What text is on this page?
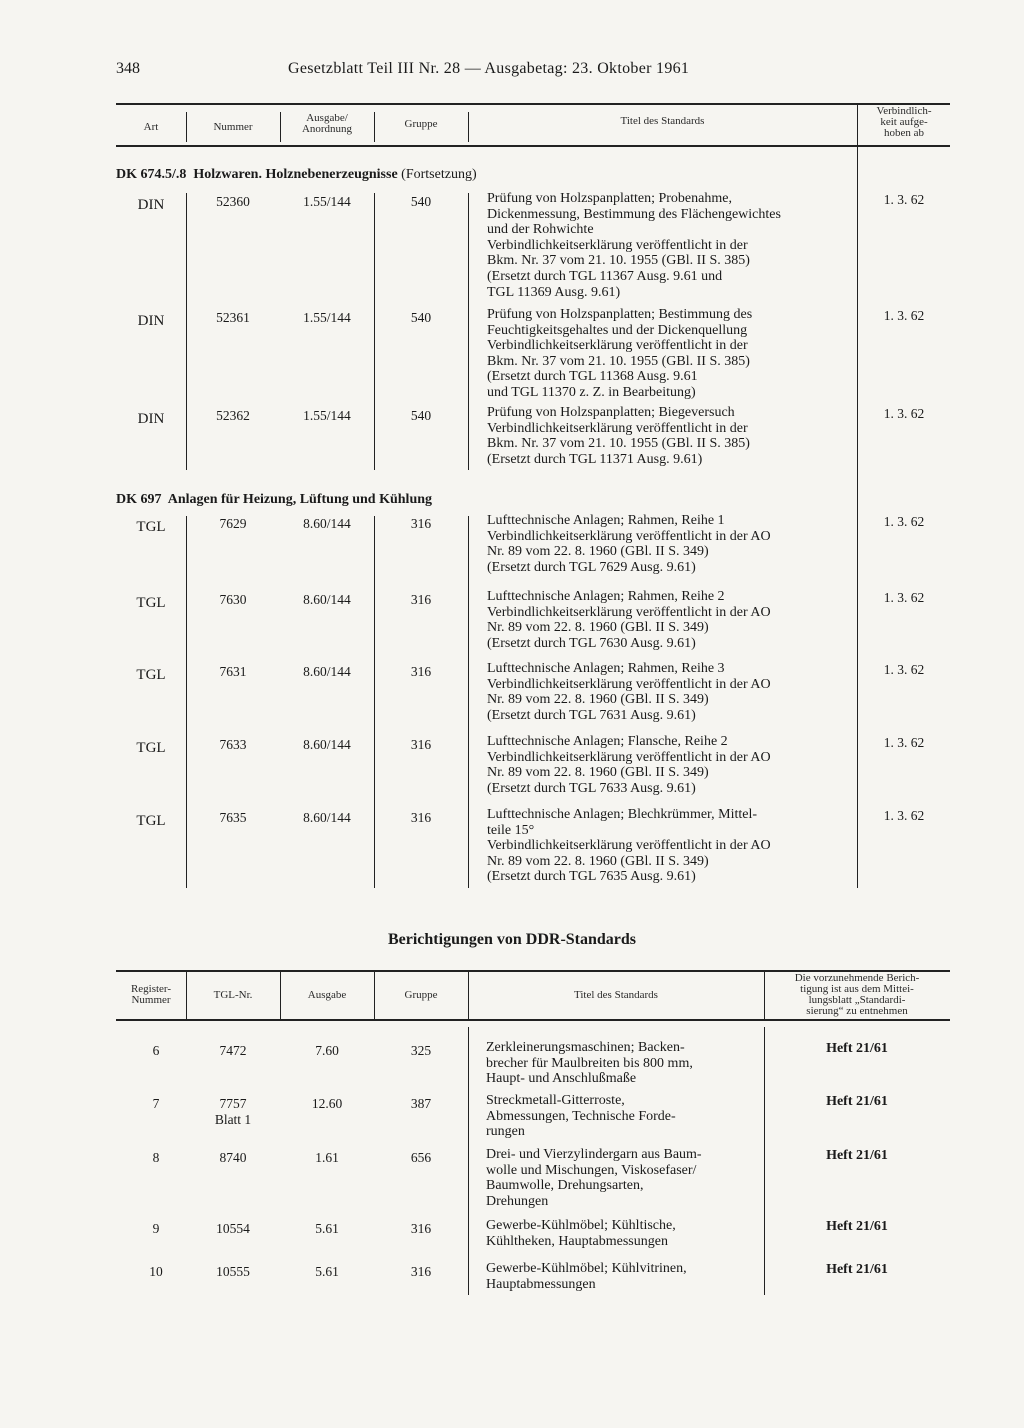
348	Gesetzblatt Teil III Nr. 28 — Ausgabetag: 23. Oktober 1961
Art	Nummer
Ausgabe/
Anordnung	Gruppe	Titel des Standards
Verbindlich-
keit aufge-
hoben ab
DK 674.5/.8 Holzwaren. Holznebenerzeugnisse (Fortsetzung)
DK 697 Anlagen für Heizung, Lüftung und Kühlung
DIN	52360	1.55/144	540	Prüfung von Holzspanplatten; Probenahme,
Dickenmessung, Bestimmung des Flächengewichtes
und der Rohwichte
Verbindlichkeitserklärung veröffentlicht in der
Bkm. Nr. 37 vom 21. 10. 1955 (GBl. II S. 385)
(Ersetzt durch TGL 11367 Ausg. 9.61 und
TGL 11369 Ausg. 9.61)
1. 3. 62
DIN	52361	1.55/144	540	Prüfung von Holzspanplatten; Bestimmung des
Feuchtigkeitsgehaltes und der Dickenquellung
Verbindlichkeitserklärung veröffentlicht in der
Bkm. Nr. 37 vom 21. 10. 1955 (GBl. II S. 385)
(Ersetzt durch TGL 11368 Ausg. 9.61
und TGL 11370 z. Z. in Bearbeitung)
1. 3. 62
DIN	52362	1.55/144	540	Prüfung von Holzspanplatten; Biegeversuch
Verbindlichkeitserklärung veröffentlicht in der
Bkm. Nr. 37 vom 21. 10. 1955 (GBl. II S. 385)
(Ersetzt durch TGL 11371 Ausg. 9.61)
1. 3. 62
TGL	7629	8.60/144	316	Lufttechnische Anlagen; Rahmen, Reihe 1
Verbindlichkeitserklärung veröffentlicht in der AO
Nr. 89 vom 22. 8. 1960 (GBl. II S. 349)
(Ersetzt durch TGL 7629 Ausg. 9.61)
1. 3. 62
TGL	7630	8.60/144	316	Lufttechnische Anlagen; Rahmen, Reihe 2
Verbindlichkeitserklärung veröffentlicht in der AO
Nr. 89 vom 22. 8. 1960 (GBl. II S. 349)
(Ersetzt durch TGL 7630 Ausg. 9.61)
1. 3. 62
TGL	7631	8.60/144	316	Lufttechnische Anlagen; Rahmen, Reihe 3
Verbindlichkeitserklärung veröffentlicht in der AO
Nr. 89 vom 22. 8. 1960 (GBl. II S. 349)
(Ersetzt durch TGL 7631 Ausg. 9.61)
1. 3. 62
TGL	7633	8.60/144	316	Lufttechnische Anlagen; Flansche, Reihe 2
Verbindlichkeitserklärung veröffentlicht in der AO
Nr. 89 vom 22. 8. 1960 (GBl. II S. 349)
(Ersetzt durch TGL 7633 Ausg. 9.61)
1. 3. 62
TGL	7635	8.60/144	316	Lufttechnische Anlagen; Blechkrümmer, Mittel-
teile 15°
Verbindlichkeitserklärung veröffentlicht in der AO
Nr. 89 vom 22. 8. 1960 (GBl. II S. 349)
(Ersetzt durch TGL 7635 Ausg. 9.61)
1. 3. 62
Berichtigungen von DDR-Standards
Register-
Nummer	TGL-Nr.	Ausgabe	Gruppe	Titel des Standards
Die vorzunehmende Berich-
tigung ist aus dem Mittei-
lungsblatt „Standardi-
sierung“ zu entnehmen
6	7472	7.60	325	Zerkleinerungsmaschinen; Backen-
brecher für Maulbreiten bis 800 mm,
Haupt- und Anschlußmaße
Heft 21/61
7	7757
Blatt 1
12.60	387	Streckmetall-Gitterroste,
Abmessungen, Technische Forde-
rungen
Heft 21/61
8	8740	1.61	656	Drei- und Vierzylindergarn aus Baum-
wolle und Mischungen, Viskosefaser/
Baumwolle, Drehungsarten,
Drehungen
Heft 21/61
9	10554	5.61	316	Gewerbe-Kühlmöbel; Kühltische,
Kühltheken, Hauptabmessungen
Heft 21/61
10	10555	5.61	316	Gewerbe-Kühlmöbel; Kühlvitrinen,
Hauptabmessungen
Heft 21/61
